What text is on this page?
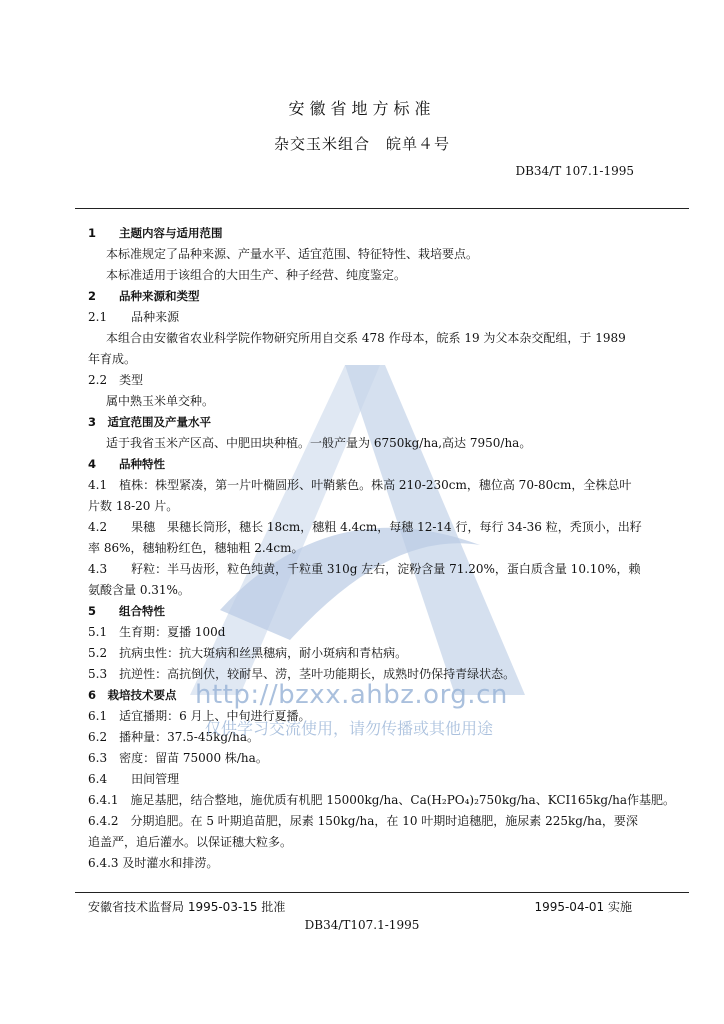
安徽省地方标准
杂交玉米组合　皖单４号
DB34/T 107.1-1995
1　　主题内容与适用范围
本标准规定了品种来源、产量水平、适宜范围、特征特性、栽培要点。
本标准适用于该组合的大田生产、种子经营、纯度鉴定。
2　　品种来源和类型
2.1　　品种来源
本组合由安徽省农业科学院作物研究所用自交系 478 作母本，皖系 19 为父本杂交配组，于 1989
年育成。
2.2　类型
属中熟玉米单交种。
3　适宜范围及产量水平
适于我省玉米产区高、中肥田块种植。一般产量为 6750kg/ha,高达 7950/ha。
4　　品种特性
4.1　植株：株型紧凑，第一片叶椭圆形、叶鞘紫色。株高 210-230cm，穗位高 70-80cm，全株总叶
片数 18-20 片。
4.2　　果穗　果穗长筒形，穗长 18cm，穗粗 4.4cm，每穗 12-14 行，每行 34-36 粒，秃顶小，出籽
率 86%，穗轴粉红色，穗轴粗 2.4cm。
4.3　　籽粒：半马齿形，粒色纯黄，千粒重 310g 左右，淀粉含量 71.20%，蛋白质含量 10.10%，赖
氨酸含量 0.31%。
5　　组合特性
5.1　生育期：夏播 100d
5.2　抗病虫性：抗大斑病和丝黑穗病，耐小斑病和青枯病。
5.3　抗逆性：高抗倒伏，较耐旱、涝，茎叶功能期长，成熟时仍保持青绿状态。
6　栽培技术要点
6.1　适宜播期：6 月上、中旬进行夏播。
6.2　播种量：37.5-45kg/ha。
6.3　密度：留苗 75000 株/ha。
6.4　　田间管理
6.4.1　施足基肥，结合整地，施优质有机肥 15000kg/ha、Ca(H₂PO₄)₂750kg/ha、KCI165kg/ha作基肥。
6.4.2　分期追肥。在 5 叶期追苗肥，尿素 150kg/ha，在 10 叶期时追穗肥，施尿素 225kg/ha，要深
追盖严，追后灌水。以保证穗大粒多。
6.4.3 及时灌水和排涝。
http://bzxx.ahbz.org.cn
仅供学习交流使用，请勿传播或其他用途
安徽省技术监督局 1995-03-15 批准	1995-04-01 实施
DB34/T107.1-1995
